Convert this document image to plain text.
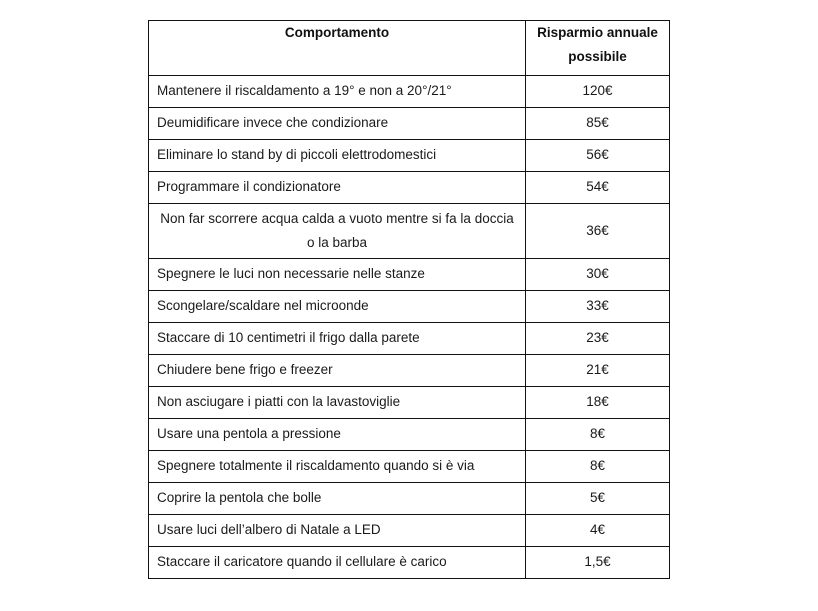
Comportamento	Risparmio annuale possibile
Mantenere il riscaldamento a 19° e non a 20°/21°	120€
Deumidificare invece che condizionare	85€
Eliminare lo stand by di piccoli elettrodomestici	56€
Programmare il condizionatore	54€
Non far scorrere acqua calda a vuoto mentre si fa la doccia o la barba	36€
Spegnere le luci non necessarie nelle stanze	30€
Scongelare/scaldare nel microonde	33€
Staccare di 10 centimetri il frigo dalla parete	23€
Chiudere bene frigo e freezer	21€
Non asciugare i piatti con la lavastoviglie	18€
Usare una pentola a pressione	8€
Spegnere totalmente il riscaldamento quando si è via	8€
Coprire la pentola che bolle	5€
Usare luci dell’albero di Natale a LED	4€
Staccare il caricatore quando il cellulare è carico	1,5€
